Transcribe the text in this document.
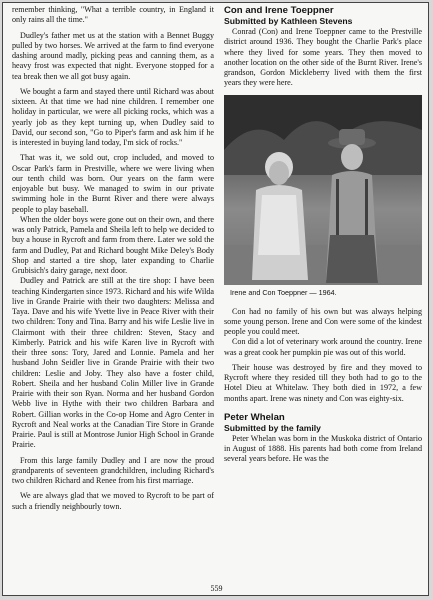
remember thinking, "What a terrible country, in England it only rains all the time."

Dudley's father met us at the station with a Bennet Buggy pulled by two horses. We arrived at the farm to find everyone dashing around madly, picking peas and canning them, as a heavy frost was expected that night. Everyone stopped for a tea break then we all got busy again.

We bought a farm and stayed there until Richard was about sixteen. At that time we had nine children. I remember one holiday in particular, we were all picking rocks, which was a yearly job as they kept turning up, when Dudley said to David, our second son, "Go to Piper's farm and ask him if he is interested in buying land today, I'm sick of rocks."

That was it, we sold out, crop included, and moved to Oscar Park's farm in Prestville, where we were living when our tenth child was born. Our years on the farm were enjoyable but busy. We managed to swim in our private swimming hole in the Burnt River and there were always people to play baseball.

When the older boys were gone out on their own, and there was only Patrick, Pamela and Sheila left to help we decided to buy a house in Rycroft and farm from there. Later we sold the farm and Dudley, Pat and Richard bought Mike Deley's Body Shop and started a tire shop, later expanding to Charlie Grubisich's dairy garage, next door.

Dudley and Patrick are still at the tire shop: I have been teaching Kindergarten since 1973. Richard and his wife Wilda live in Grande Prairie with their two daughters: Melissa and Taya. Dave and his wife Yvette live in Peace River with their two children: Tony and Tina. Barry and his wife Leslie live in Clairmont with their three children: Steven, Stacy and Kimberly. Patrick and his wife Karen live in Rycroft with their three sons: Tory, Jared and Lonnie. Pamela and her husband John Seidler live in Grande Prairie with their two children: Leslie and Joby. They also have a foster child, Robert. Sheila and her husband Colin Miller live in Grande Prairie with their son Ryan. Norma and her husband Gordon Webb live in Hythe with their two children Barbara and Robert. Gillian works in the Co-op Home and Agro Center in Rycroft and Neal works at the Canadian Tire Store in Grande Prairie. Paul is still at Montrose Junior High School in Grande Prairie.

From this large family Dudley and I are now the proud grandparents of seventeen grandchildren, including Richard's two children Richard and Renee from his first marriage.

We are always glad that we moved to Rycroft to be part of such a friendly neighbourly town.

Con and Irene Toeppner
Submitted by Kathleen Stevens

Conrad (Con) and Irene Toeppner came to the Prestville district around 1936. They bought the Charlie Park's place where they lived for some years. They then moved to another location on the other side of the Burnt River. Irene's grandson, Gordon Mickleberry lived with them the first years they were here.

Irene and Con Toeppner — 1964.

Con had no family of his own but was always helping some young person. Irene and Con were some of the kindest people you could meet.

Con did a lot of veterinary work around the country. Irene was a great cook her pumpkin pie was out of this world.

Their house was destroyed by fire and they moved to Rycroft where they resided till they both had to go to the Hotel Dieu at Whitelaw. They both died in 1972, a few months apart. Irene was ninety and Con was eighty-six.

Peter Whelan
Submitted by the family

Peter Whelan was born in the Muskoka district of Ontario in August of 1888. His parents had both come from Ireland several years before. He was the

559
